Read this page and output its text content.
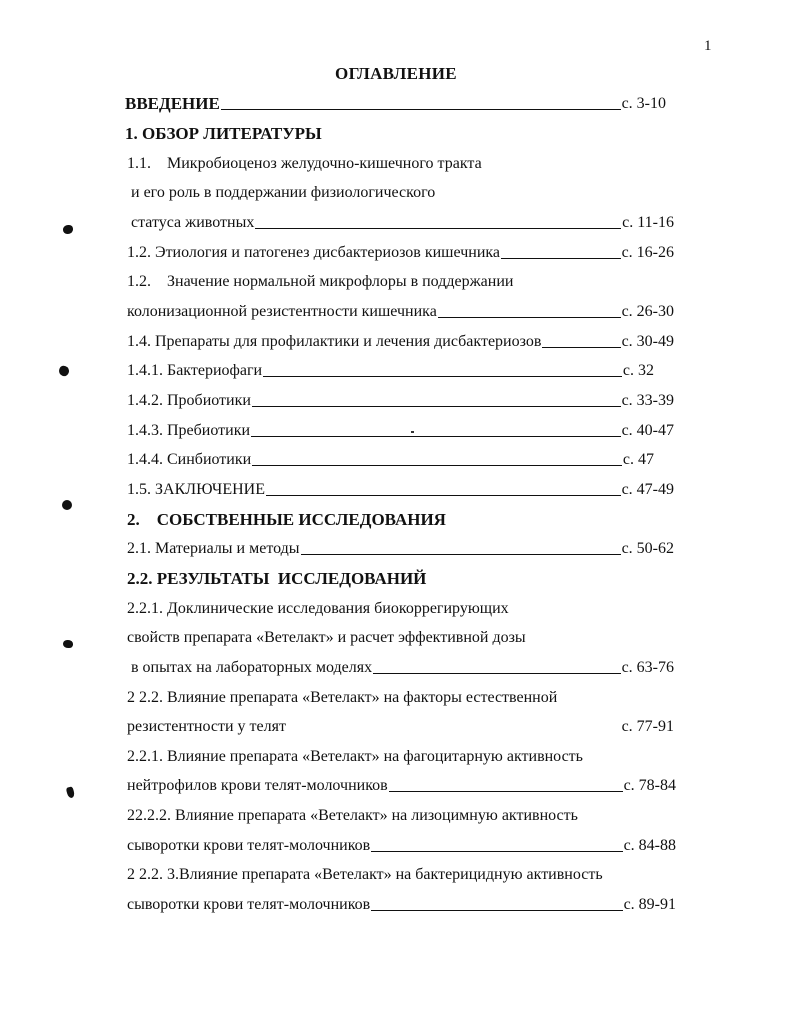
1
ОГЛАВЛЕНИЕ
ВВЕДЕНИЕ	с. 3-10
1. ОБЗОР ЛИТЕРАТУРЫ
1.1.    Микробиоценоз желудочно-кишечного тракта
и его роль в поддержании физиологического
статуса животных	с. 11-16
1.2. Этиология и патогенез дисбактериозов кишечника	с. 16-26
1.2.    Значение нормальной микрофлоры в поддержании
колонизационной резистентности кишечника	с. 26-30
1.4. Препараты для профилактики и лечения дисбактериозов	с. 30-49
1.4.1. Бактериофаги	с. 32
1.4.2. Пробиотики	с. 33-39
1.4.3. Пребиотики	с. 40-47
1.4.4. Синбиотики	с. 47
1.5. ЗАКЛЮЧЕНИЕ	с. 47-49
2.    СОБСТВЕННЫЕ ИССЛЕДОВАНИЯ
2.1. Материалы и методы	с. 50-62
2.2. РЕЗУЛЬТАТЫ  ИССЛЕДОВАНИЙ
2.2.1. Доклинические исследования биокоррегирующих
свойств препарата «Ветелакт» и расчет эффективной дозы
в опытах на лабораторных моделях	с. 63-76
2 2.2. Влияние препарата «Ветелакт» на факторы естественной
резистентности у телят	с. 77-91
2.2.1. Влияние препарата «Ветелакт» на фагоцитарную активность
нейтрофилов крови телят-молочников	с. 78-84
22.2.2. Влияние препарата «Ветелакт» на лизоцимную активность
сыворотки крови телят-молочников	с. 84-88
2 2.2. 3.Влияние препарата «Ветелакт» на бактерицидную активность
сыворотки крови телят-молочников	с. 89-91
